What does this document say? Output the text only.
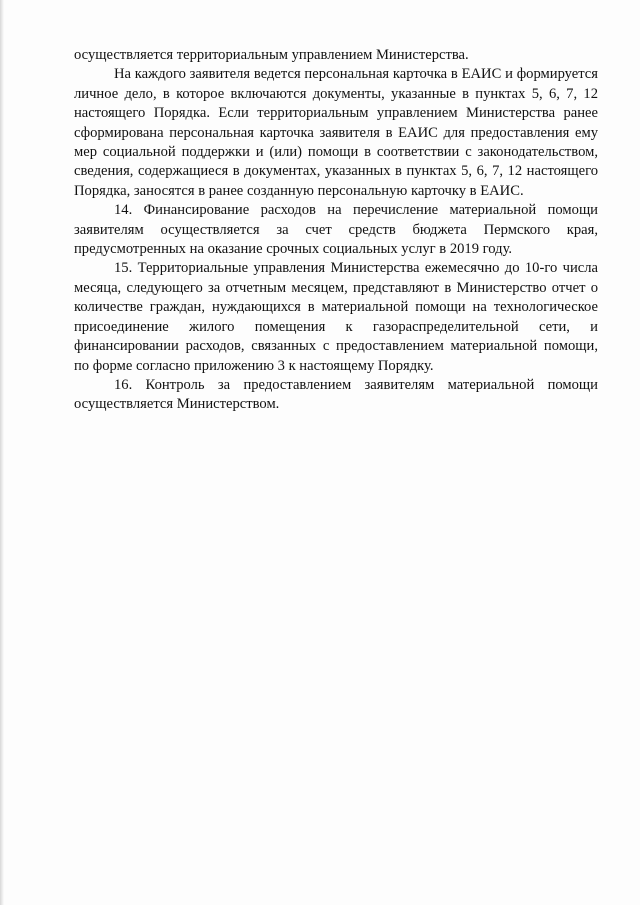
осуществляется территориальным управлением Министерства.

На каждого заявителя ведется персональная карточка в ЕАИС и формируется личное дело, в которое включаются документы, указанные в пунктах 5, 6, 7, 12 настоящего Порядка. Если территориальным управлением Министерства ранее сформирована персональная карточка заявителя в ЕАИС для предоставления ему мер социальной поддержки и (или) помощи в соответствии с законодательством, сведения, содержащиеся в документах, указанных в пунктах 5, 6, 7, 12 настоящего Порядка, заносятся в ранее созданную персональную карточку в ЕАИС.

14. Финансирование расходов на перечисление материальной помощи заявителям осуществляется за счет средств бюджета Пермского края, предусмотренных на оказание срочных социальных услуг в 2019 году.

15. Территориальные управления Министерства ежемесячно до 10-го числа месяца, следующего за отчетным месяцем, представляют в Министерство отчет о количестве граждан, нуждающихся в материальной помощи на технологическое присоединение жилого помещения к газораспределительной сети, и финансировании расходов, связанных с предоставлением материальной помощи, по форме согласно приложению 3 к настоящему Порядку.

16. Контроль за предоставлением заявителям материальной помощи осуществляется Министерством.
